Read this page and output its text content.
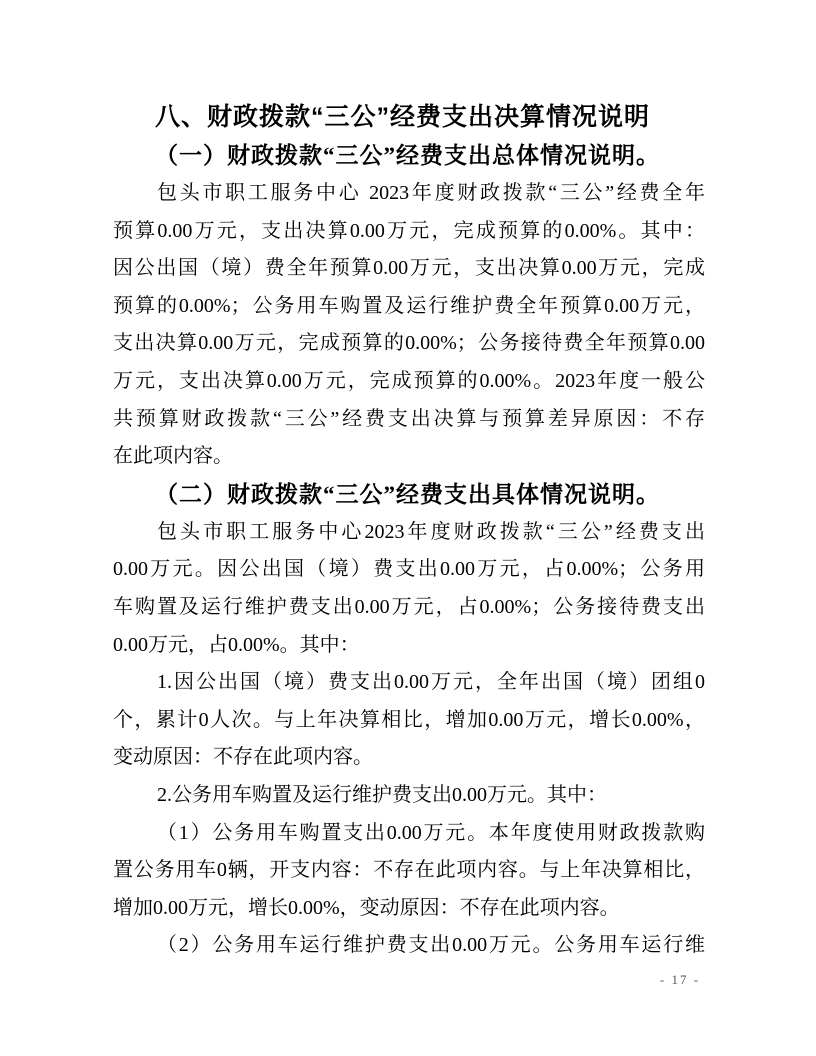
八、财政拨款“三公”经费支出决算情况说明
（一）财政拨款“三公”经费支出总体情况说明。
包头市职工服务中心 2023年度财政拨款“三公”经费全年
预算0.00万元，支出决算0.00万元，完成预算的0.00%。其中：
因公出国（境）费全年预算0.00万元，支出决算0.00万元，完成
预算的0.00%；公务用车购置及运行维护费全年预算0.00万元，
支出决算0.00万元，完成预算的0.00%；公务接待费全年预算0.00
万元，支出决算0.00万元，完成预算的0.00%。2023年度一般公
共预算财政拨款“三公”经费支出决算与预算差异原因：不存
在此项内容。
（二）财政拨款“三公”经费支出具体情况说明。
包头市职工服务中心2023年度财政拨款“三公”经费支出
0.00万元。因公出国（境）费支出0.00万元，占0.00%；公务用
车购置及运行维护费支出0.00万元，占0.00%；公务接待费支出
0.00万元，占0.00%。其中：
1.因公出国（境）费支出0.00万元，全年出国（境）团组0
个，累计0人次。与上年决算相比，增加0.00万元，增长0.00%，
变动原因：不存在此项内容。
2.公务用车购置及运行维护费支出0.00万元。其中：
（1）公务用车购置支出0.00万元。本年度使用财政拨款购
置公务用车0辆，开支内容：不存在此项内容。与上年决算相比，
增加0.00万元，增长0.00%，变动原因：不存在此项内容。
（2）公务用车运行维护费支出0.00万元。公务用车运行维
- 17 -
